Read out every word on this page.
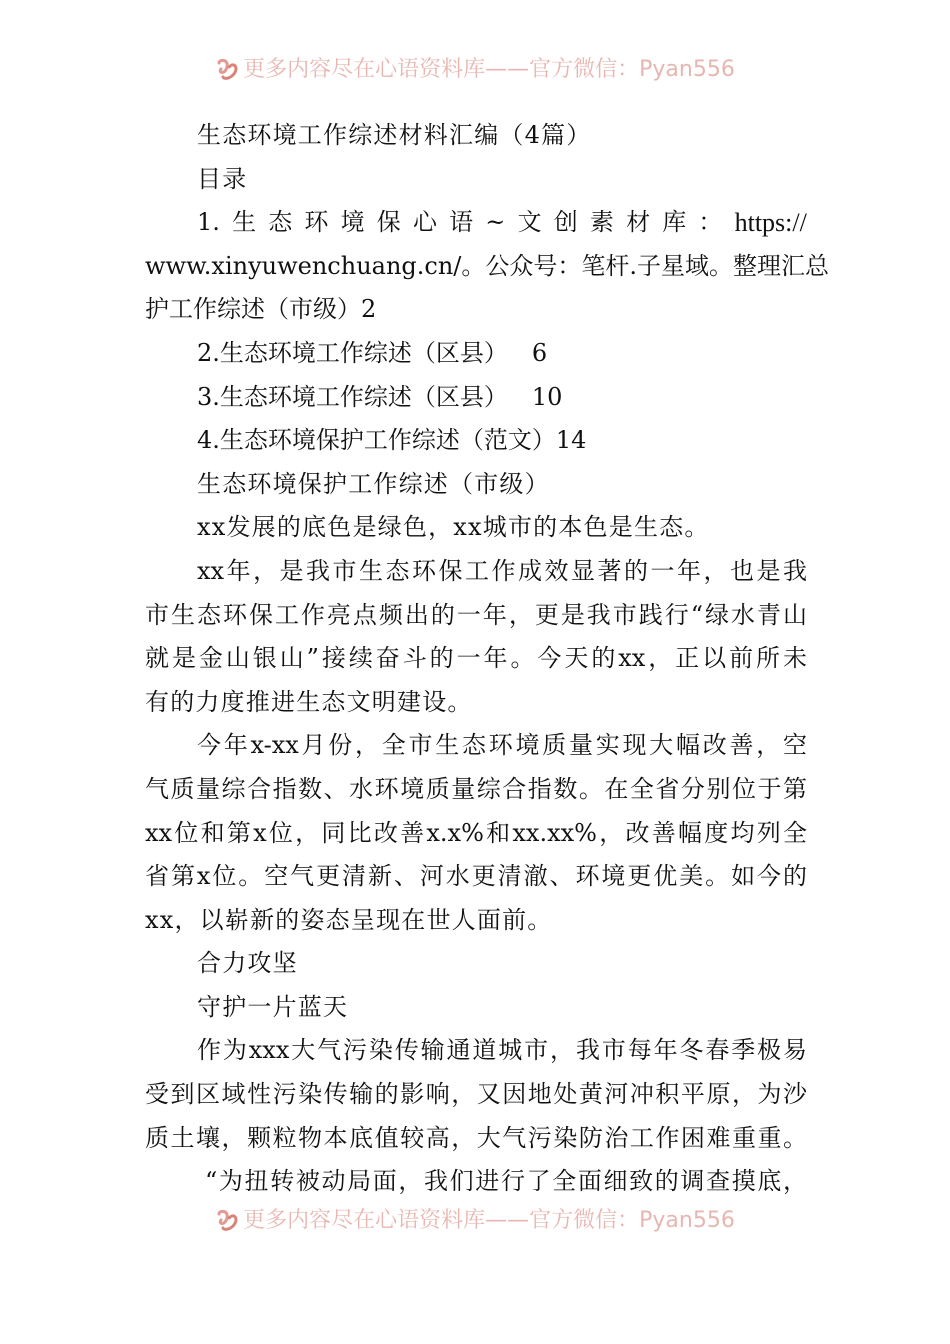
更多内容尽在心语资料库——官方微信：Pyan556
生态环境工作综述材料汇编（4篇）
目录
1. 生 态 环 境 保 心 语 ~ 文 创 素 材 库 ： https://
www.xinyuwenchuang.cn/。公众号：笔杆.子星域。整理汇总
护工作综述（市级）2
2.生态环境工作综述（区县） 6
3.生态环境工作综述（区县） 10
4.生态环境保护工作综述（范文）14
生态环境保护工作综述（市级）
xx发展的底色是绿色，xx城市的本色是生态。
xx年，是我市生态环保工作成效显著的一年，也是我
市生态环保工作亮点频出的一年，更是我市践行“绿水青山
就是金山银山”接续奋斗的一年。今天的xx，正以前所未
有的力度推进生态文明建设。
今年x-xx月份，全市生态环境质量实现大幅改善，空
气质量综合指数、水环境质量综合指数。在全省分别位于第
xx位和第x位，同比改善x.x%和xx.xx%，改善幅度均列全
省第x位。空气更清新、河水更清澈、环境更优美。如今的
xx，以崭新的姿态呈现在世人面前。
合力攻坚
守护一片蓝天
作为xxx大气污染传输通道城市，我市每年冬春季极易
受到区域性污染传输的影响，又因地处黄河冲积平原，为沙
质土壤，颗粒物本底值较高，大气污染防治工作困难重重。
“为扭转被动局面，我们进行了全面细致的调查摸底，
更多内容尽在心语资料库——官方微信：Pyan556
